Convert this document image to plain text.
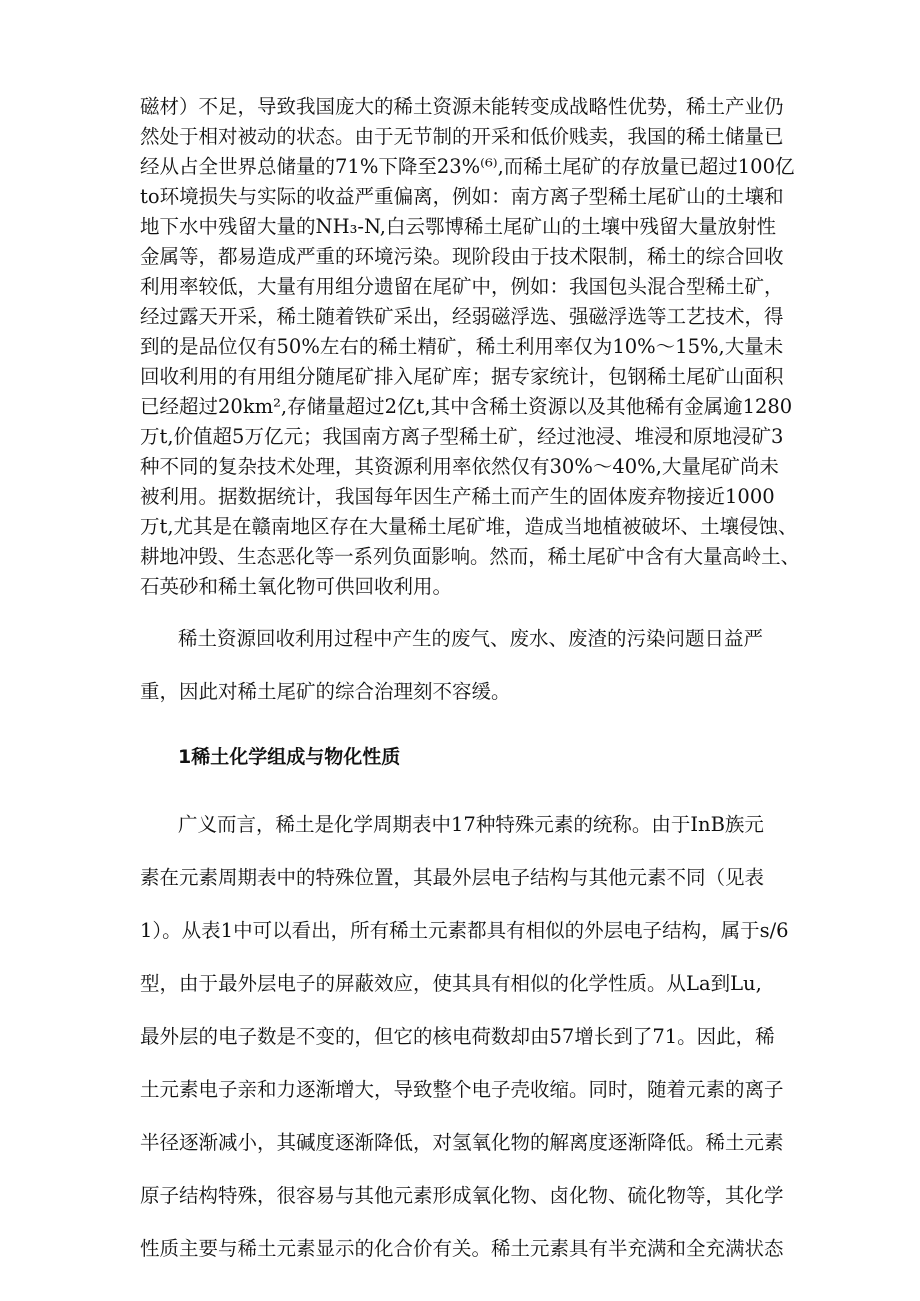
磁材）不足，导致我国庞大的稀土资源未能转变成战略性优势，稀土产业仍
然处于相对被动的状态。由于无节制的开采和低价贱卖，我国的稀土储量已
经从占全世界总储量的71%下降至23%⁽⁶⁾,而稀土尾矿的存放量已超过100亿
to环境损失与实际的收益严重偏离，例如：南方离子型稀土尾矿山的土壤和
地下水中残留大量的NH₃-N,白云鄂博稀土尾矿山的土壤中残留大量放射性
金属等，都易造成严重的环境污染。现阶段由于技术限制，稀土的综合回收
利用率较低，大量有用组分遗留在尾矿中，例如：我国包头混合型稀土矿，
经过露天开采，稀土随着铁矿采出，经弱磁浮选、强磁浮选等工艺技术，得
到的是品位仅有50%左右的稀土精矿，稀土利用率仅为10%～15%,大量未
回收利用的有用组分随尾矿排入尾矿库；据专家统计，包钢稀土尾矿山面积
已经超过20km²,存储量超过2亿t,其中含稀土资源以及其他稀有金属逾1280
万t,价值超5万亿元；我国南方离子型稀土矿，经过池浸、堆浸和原地浸矿3
种不同的复杂技术处理，其资源利用率依然仅有30%～40%,大量尾矿尚未
被利用。据数据统计，我国每年因生产稀土而产生的固体废弃物接近1000
万t,尤其是在赣南地区存在大量稀土尾矿堆，造成当地植被破坏、土壤侵蚀、
耕地冲毁、生态恶化等一系列负面影响。然而，稀土尾矿中含有大量高岭土、
石英砂和稀土氧化物可供回收利用。
稀土资源回收利用过程中产生的废气、废水、废渣的污染问题日益严
重，因此对稀土尾矿的综合治理刻不容缓。
1稀土化学组成与物化性质
广义而言，稀土是化学周期表中17种特殊元素的统称。由于InB族元
素在元素周期表中的特殊位置，其最外层电子结构与其他元素不同（见表
1）。从表1中可以看出，所有稀土元素都具有相似的外层电子结构，属于s/6
型，由于最外层电子的屏蔽效应，使其具有相似的化学性质。从La到Lu,
最外层的电子数是不变的，但它的核电荷数却由57增长到了71。因此，稀
土元素电子亲和力逐渐增大，导致整个电子壳收缩。同时，随着元素的离子
半径逐渐减小，其碱度逐渐降低，对氢氧化物的解离度逐渐降低。稀土元素
原子结构特殊，很容易与其他元素形成氧化物、卤化物、硫化物等，其化学
性质主要与稀土元素显示的化合价有关。稀土元素具有半充满和全充满状态
